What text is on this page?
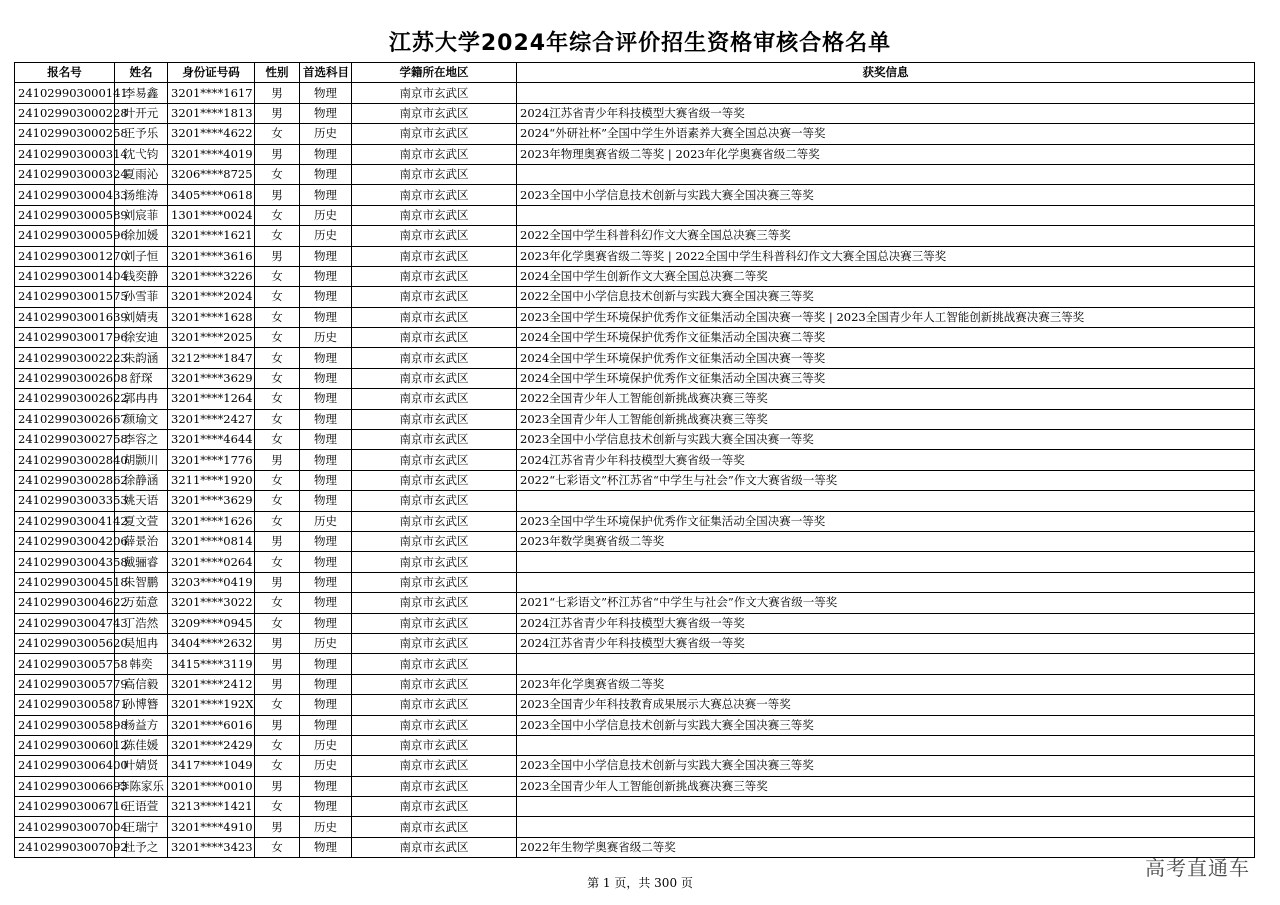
江苏大学2024年综合评价招生资格审核合格名单
报名号	姓名	身份证号码	性别	首选科目	学籍所在地区	获奖信息
241029903000141	李易鑫	3201****1617	男	物理	南京市玄武区	
241029903000228	叶开元	3201****1813	男	物理	南京市玄武区	2024江苏省青少年科技模型大赛省级一等奖
241029903000258	王予乐	3201****4622	女	历史	南京市玄武区	2024“外研社杯”全国中学生外语素养大赛全国总决赛一等奖
241029903000314	沈弋钧	3201****4019	男	物理	南京市玄武区	2023年物理奥赛省级二等奖 | 2023年化学奥赛省级二等奖
241029903000324	夏雨沁	3206****8725	女	物理	南京市玄武区	
241029903000433	汤维涛	3405****0618	男	物理	南京市玄武区	2023全国中小学信息技术创新与实践大赛全国决赛三等奖
241029903000589	刘宸菲	1301****0024	女	历史	南京市玄武区	
241029903000596	徐加媛	3201****1621	女	历史	南京市玄武区	2022全国中学生科普科幻作文大赛全国总决赛三等奖
241029903001270	刘子恒	3201****3616	男	物理	南京市玄武区	2023年化学奥赛省级二等奖 | 2022全国中学生科普科幻作文大赛全国总决赛三等奖
241029903001404	钱奕静	3201****3226	女	物理	南京市玄武区	2024全国中学生创新作文大赛全国总决赛二等奖
241029903001575	孙雪菲	3201****2024	女	物理	南京市玄武区	2022全国中小学信息技术创新与实践大赛全国决赛三等奖
241029903001639	刘婧夷	3201****1628	女	物理	南京市玄武区	2023全国中学生环境保护优秀作文征集活动全国决赛一等奖 | 2023全国青少年人工智能创新挑战赛决赛三等奖
241029903001796	徐安迪	3201****2025	女	历史	南京市玄武区	2024全国中学生环境保护优秀作文征集活动全国决赛二等奖
241029903002223	朱韵涵	3212****1847	女	物理	南京市玄武区	2024全国中学生环境保护优秀作文征集活动全国决赛一等奖
241029903002608	舒琛	3201****3629	女	物理	南京市玄武区	2024全国中学生环境保护优秀作文征集活动全国决赛三等奖
241029903002622	郭冉冉	3201****1264	女	物理	南京市玄武区	2022全国青少年人工智能创新挑战赛决赛三等奖
241029903002667	颜瑜文	3201****2427	女	物理	南京市玄武区	2023全国青少年人工智能创新挑战赛决赛三等奖
241029903002758	李容之	3201****4644	女	物理	南京市玄武区	2023全国中小学信息技术创新与实践大赛全国决赛一等奖
241029903002840	胡颢川	3201****1776	男	物理	南京市玄武区	2024江苏省青少年科技模型大赛省级一等奖
241029903002862	徐静涵	3211****1920	女	物理	南京市玄武区	2022“七彩语文”杯江苏省“中学生与社会”作文大赛省级一等奖
241029903003353	姚天语	3201****3629	女	物理	南京市玄武区	
241029903004142	夏文萱	3201****1626	女	历史	南京市玄武区	2023全国中学生环境保护优秀作文征集活动全国决赛一等奖
241029903004206	薛景治	3201****0814	男	物理	南京市玄武区	2023年数学奥赛省级二等奖
241029903004358	戴骊睿	3201****0264	女	物理	南京市玄武区	
241029903004518	朱智鹏	3203****0419	男	物理	南京市玄武区	
241029903004622	万茹意	3201****3022	女	物理	南京市玄武区	2021“七彩语文”杯江苏省“中学生与社会”作文大赛省级一等奖
241029903004743	丁浩然	3209****0945	女	物理	南京市玄武区	2024江苏省青少年科技模型大赛省级一等奖
241029903005620	吴旭冉	3404****2632	男	历史	南京市玄武区	2024江苏省青少年科技模型大赛省级一等奖
241029903005758	韩奕	3415****3119	男	物理	南京市玄武区	
241029903005779	高信毅	3201****2412	男	物理	南京市玄武区	2023年化学奥赛省级二等奖
241029903005871	孙博簪	3201****192X	女	物理	南京市玄武区	2023全国青少年科技教育成果展示大赛总决赛一等奖
241029903005898	杨益方	3201****6016	男	物理	南京市玄武区	2023全国中小学信息技术创新与实践大赛全国决赛三等奖
241029903006012	陈佳媛	3201****2429	女	历史	南京市玄武区	
241029903006400	叶婧贤	3417****1049	女	历史	南京市玄武区	2023全国中小学信息技术创新与实践大赛全国决赛三等奖
241029903006693	李陈家乐	3201****0010	男	物理	南京市玄武区	2023全国青少年人工智能创新挑战赛决赛三等奖
241029903006716	王语萱	3213****1421	女	物理	南京市玄武区	
241029903007004	王瑞宁	3201****4910	男	历史	南京市玄武区	
241029903007092	杜予之	3201****3423	女	物理	南京市玄武区	2022年生物学奥赛省级二等奖
第 1 页，共 300 页
高考直通车
